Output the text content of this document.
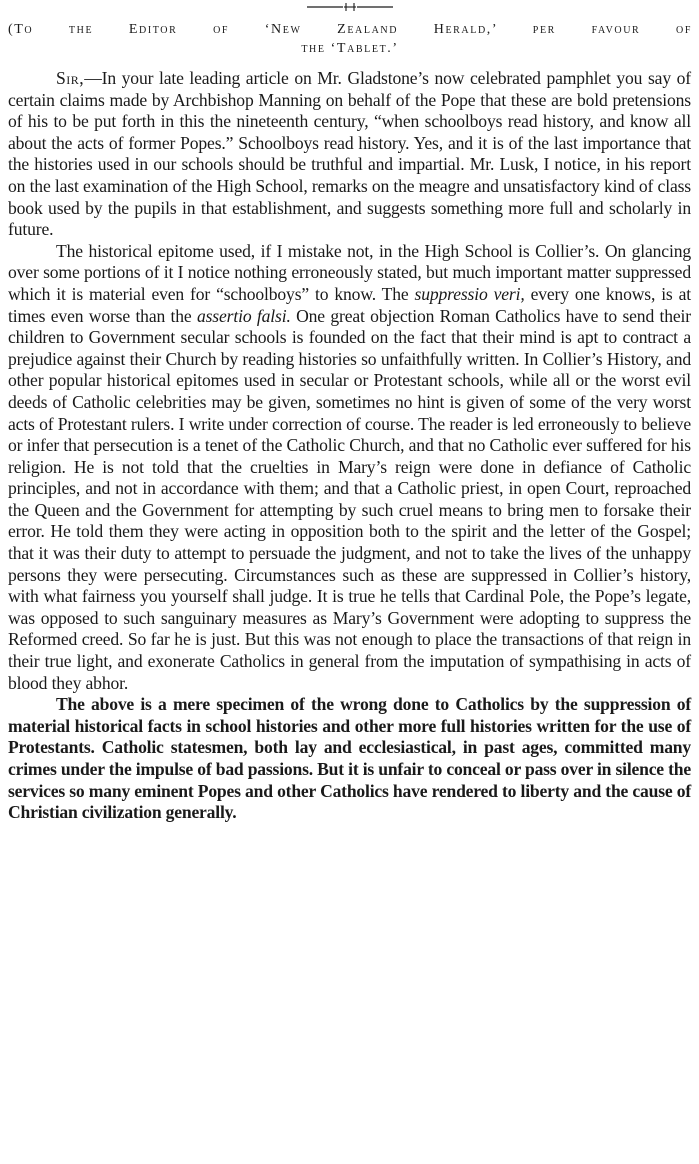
(To the Editor of ‘New Zealand Herald,’ per favour of
the ‘Tablet.’

Sir,—In your late leading article on Mr. Gladstone’s now celebrated pamphlet you say of certain claims made by Archbishop Manning on behalf of the Pope that these are bold pretensions of his to be put forth in this the nineteenth century, “when schoolboys read history, and know all about the acts of former Popes.” Schoolboys read history. Yes, and it is of the last importance that the histories used in our schools should be truthful and impartial. Mr. Lusk, I notice, in his report on the last examination of the High School, remarks on the meagre and unsatisfactory kind of class book used by the pupils in that establishment, and suggests something more full and scholarly in future.

The historical epitome used, if I mistake not, in the High School is Collier’s. On glancing over some portions of it I notice nothing erroneously stated, but much important matter suppressed which it is material even for “schoolboys” to know. The suppressio veri, every one knows, is at times even worse than the assertio falsi. One great objection Roman Catholics have to send their children to Government secular schools is founded on the fact that their mind is apt to contract a prejudice against their Church by reading histories so unfaithfully written. In Collier’s History, and other popular historical epitomes used in secular or Protestant schools, while all or the worst evil deeds of Catholic celebrities may be given, sometimes no hint is given of some of the very worst acts of Protestant rulers. I write under correction of course. The reader is led erroneously to believe or infer that persecution is a tenet of the Catholic Church, and that no Catholic ever suffered for his religion. He is not told that the cruelties in Mary’s reign were done in defiance of Catholic principles, and not in accordance with them; and that a Catholic priest, in open Court, reproached the Queen and the Government for attempting by such cruel means to bring men to forsake their error. He told them they were acting in opposition both to the spirit and the letter of the Gospel; that it was their duty to attempt to persuade the judgment, and not to take the lives of the unhappy persons they were persecuting. Circumstances such as these are suppressed in Collier’s history, with what fairness you yourself shall judge. It is true he tells that Cardinal Pole, the Pope’s legate, was opposed to such sanguinary measures as Mary’s Government were adopting to suppress the Reformed creed. So far he is just. But this was not enough to place the transactions of that reign in their true light, and exonerate Catholics in general from the imputation of sympathising in acts of blood they abhor.

The above is a mere specimen of the wrong done to Catholics by the suppression of material historical facts in school histories and other more full histories written for the use of Protestants. Catholic statesmen, both lay and ecclesiastical, in past ages, committed many crimes under the impulse of bad passions. But it is unfair to conceal or pass over in silence the services so many eminent Popes and other Catholics have rendered to liberty and the cause of Christian civilization generally.
